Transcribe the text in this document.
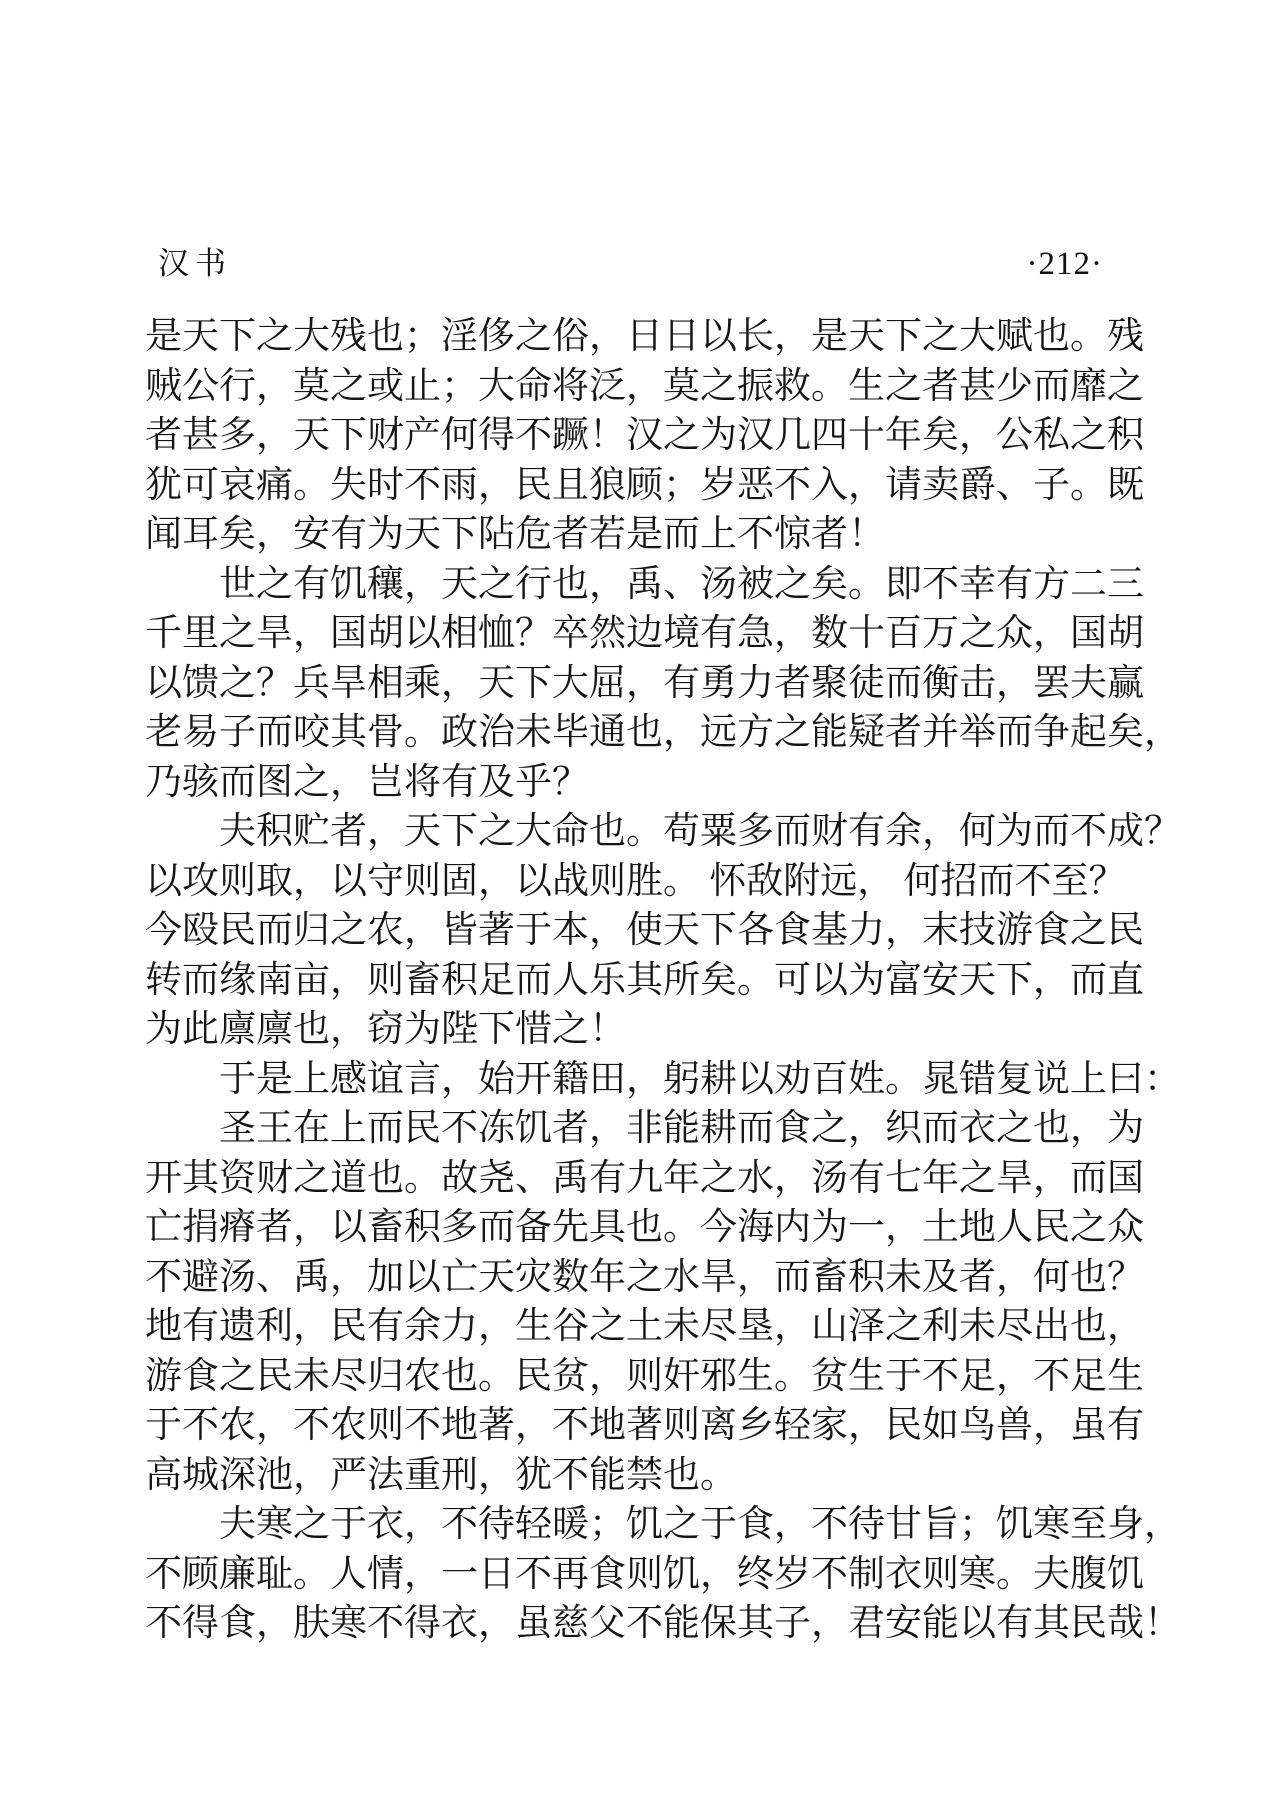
汉书	·212·
是天下之大残也；淫侈之俗，日日以长，是天下之大赋也。残
贼公行，莫之或止；大命将泛，莫之振救。生之者甚少而靡之
者甚多，天下财产何得不蹶！汉之为汉几四十年矣，公私之积
犹可哀痛。失时不雨，民且狼顾；岁恶不入，请卖爵、子。既
闻耳矣，安有为天下阽危者若是而上不惊者！
世之有饥穰，天之行也，禹、汤被之矣。即不幸有方二三
千里之旱，国胡以相恤？卒然边境有急，数十百万之众，国胡
以馈之？兵旱相乘，天下大屈，有勇力者聚徒而衡击，罢夫赢
老易子而咬其骨。政治未毕通也，远方之能疑者并举而争起矣，
乃骇而图之，岂将有及乎？
夫积贮者，天下之大命也。苟粟多而财有余，何为而不成？
以攻则取，以守则固，以战则胜。 怀敌附远， 何招而不至？
今殴民而归之农，皆著于本，使天下各食基力，末技游食之民
转而缘南亩，则畜积足而人乐其所矣。可以为富安天下，而直
为此廪廪也，窃为陛下惜之！
于是上感谊言，始开籍田，躬耕以劝百姓。晁错复说上曰：
圣王在上而民不冻饥者，非能耕而食之，织而衣之也，为
开其资财之道也。故尧、禹有九年之水，汤有七年之旱，而国
亡捐瘠者，以畜积多而备先具也。今海内为一，土地人民之众
不避汤、禹，加以亡天灾数年之水旱，而畜积未及者，何也？
地有遗利，民有余力，生谷之土未尽垦，山泽之利未尽出也，
游食之民未尽归农也。民贫，则奸邪生。贫生于不足，不足生
于不农，不农则不地著，不地著则离乡轻家，民如鸟兽，虽有
高城深池，严法重刑，犹不能禁也。
夫寒之于衣，不待轻暖；饥之于食，不待甘旨；饥寒至身，
不顾廉耻。人情，一日不再食则饥，终岁不制衣则寒。夫腹饥
不得食，肤寒不得衣，虽慈父不能保其子，君安能以有其民哉！
